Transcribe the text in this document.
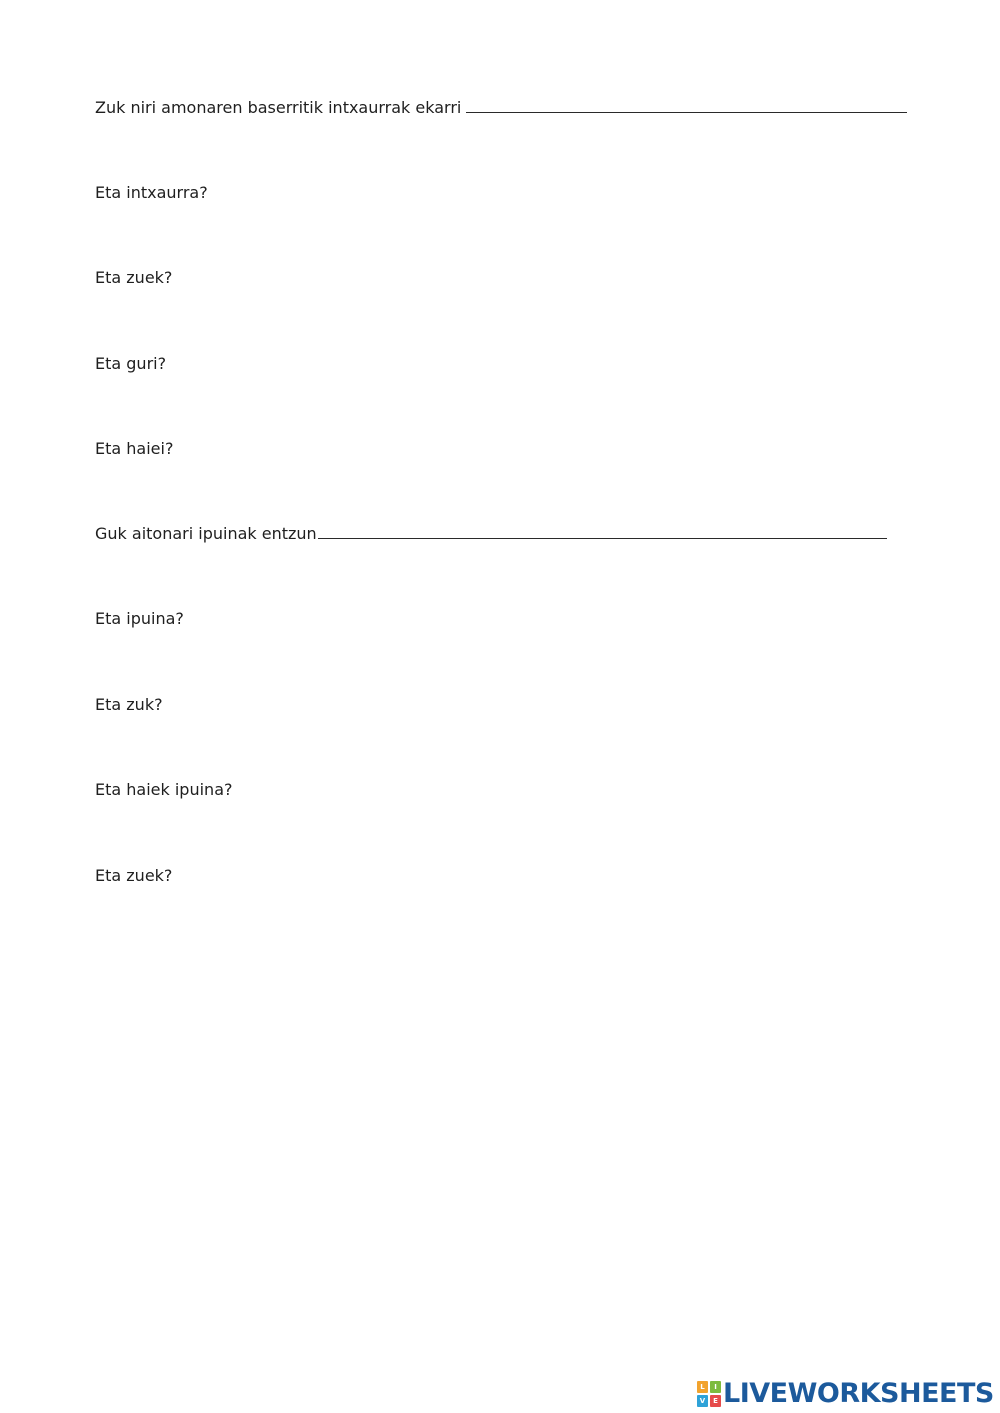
Zuk niri amonaren baserritik intxaurrak ekarri
Eta intxaurra?
Eta zuek?
Eta guri?
Eta haiei?
Guk aitonari ipuinak entzun
Eta ipuina?
Eta zuk?
Eta haiek ipuina?
Eta zuek?
L	I
V	E LIVEWORKSHEETS
